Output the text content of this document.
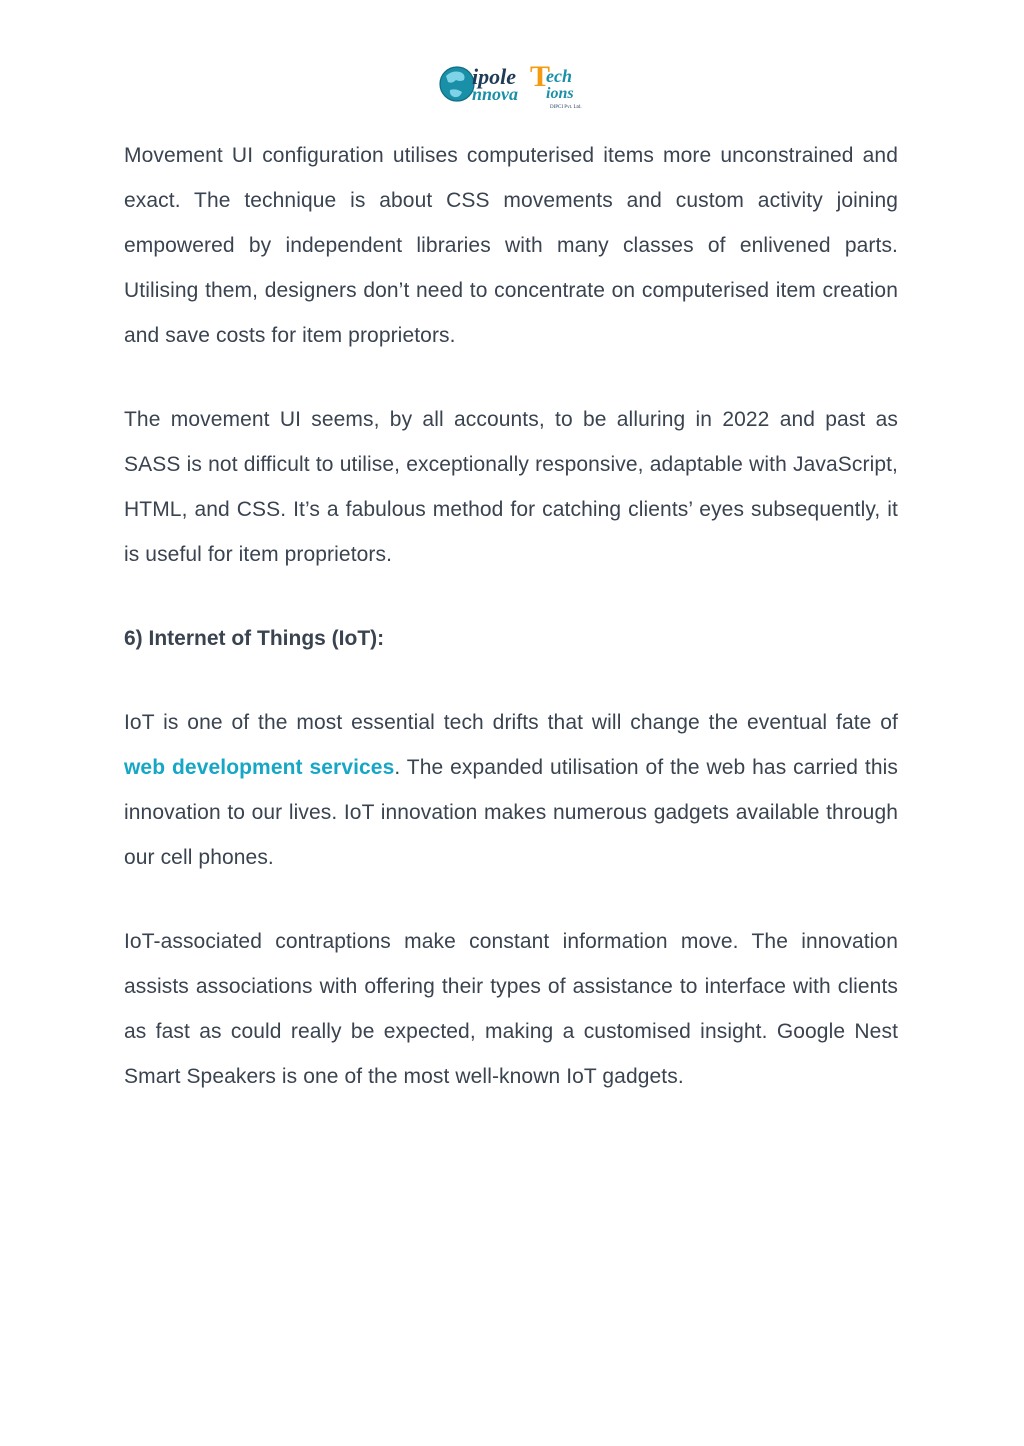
ipole T
ech
nnova ions
DIPCI Pvt. Ltd.

Movement UI configuration utilises computerised items more unconstrained and exact. The technique is about CSS movements and custom activity joining empowered by independent libraries with many classes of enlivened parts. Utilising them, designers don’t need to concentrate on computerised item creation and save costs for item proprietors.

The movement UI seems, by all accounts, to be alluring in 2022 and past as SASS is not difficult to utilise, exceptionally responsive, adaptable with JavaScript, HTML, and CSS. It’s a fabulous method for catching clients’ eyes subsequently, it is useful for item proprietors.

6) Internet of Things (IoT):

IoT is one of the most essential tech drifts that will change the eventual fate of web development services. The expanded utilisation of the web has carried this innovation to our lives. IoT innovation makes numerous gadgets available through our cell phones.

IoT-associated contraptions make constant information move. The innovation assists associations with offering their types of assistance to interface with clients as fast as could really be expected, making a customised insight. Google Nest Smart Speakers is one of the most well-known IoT gadgets.
